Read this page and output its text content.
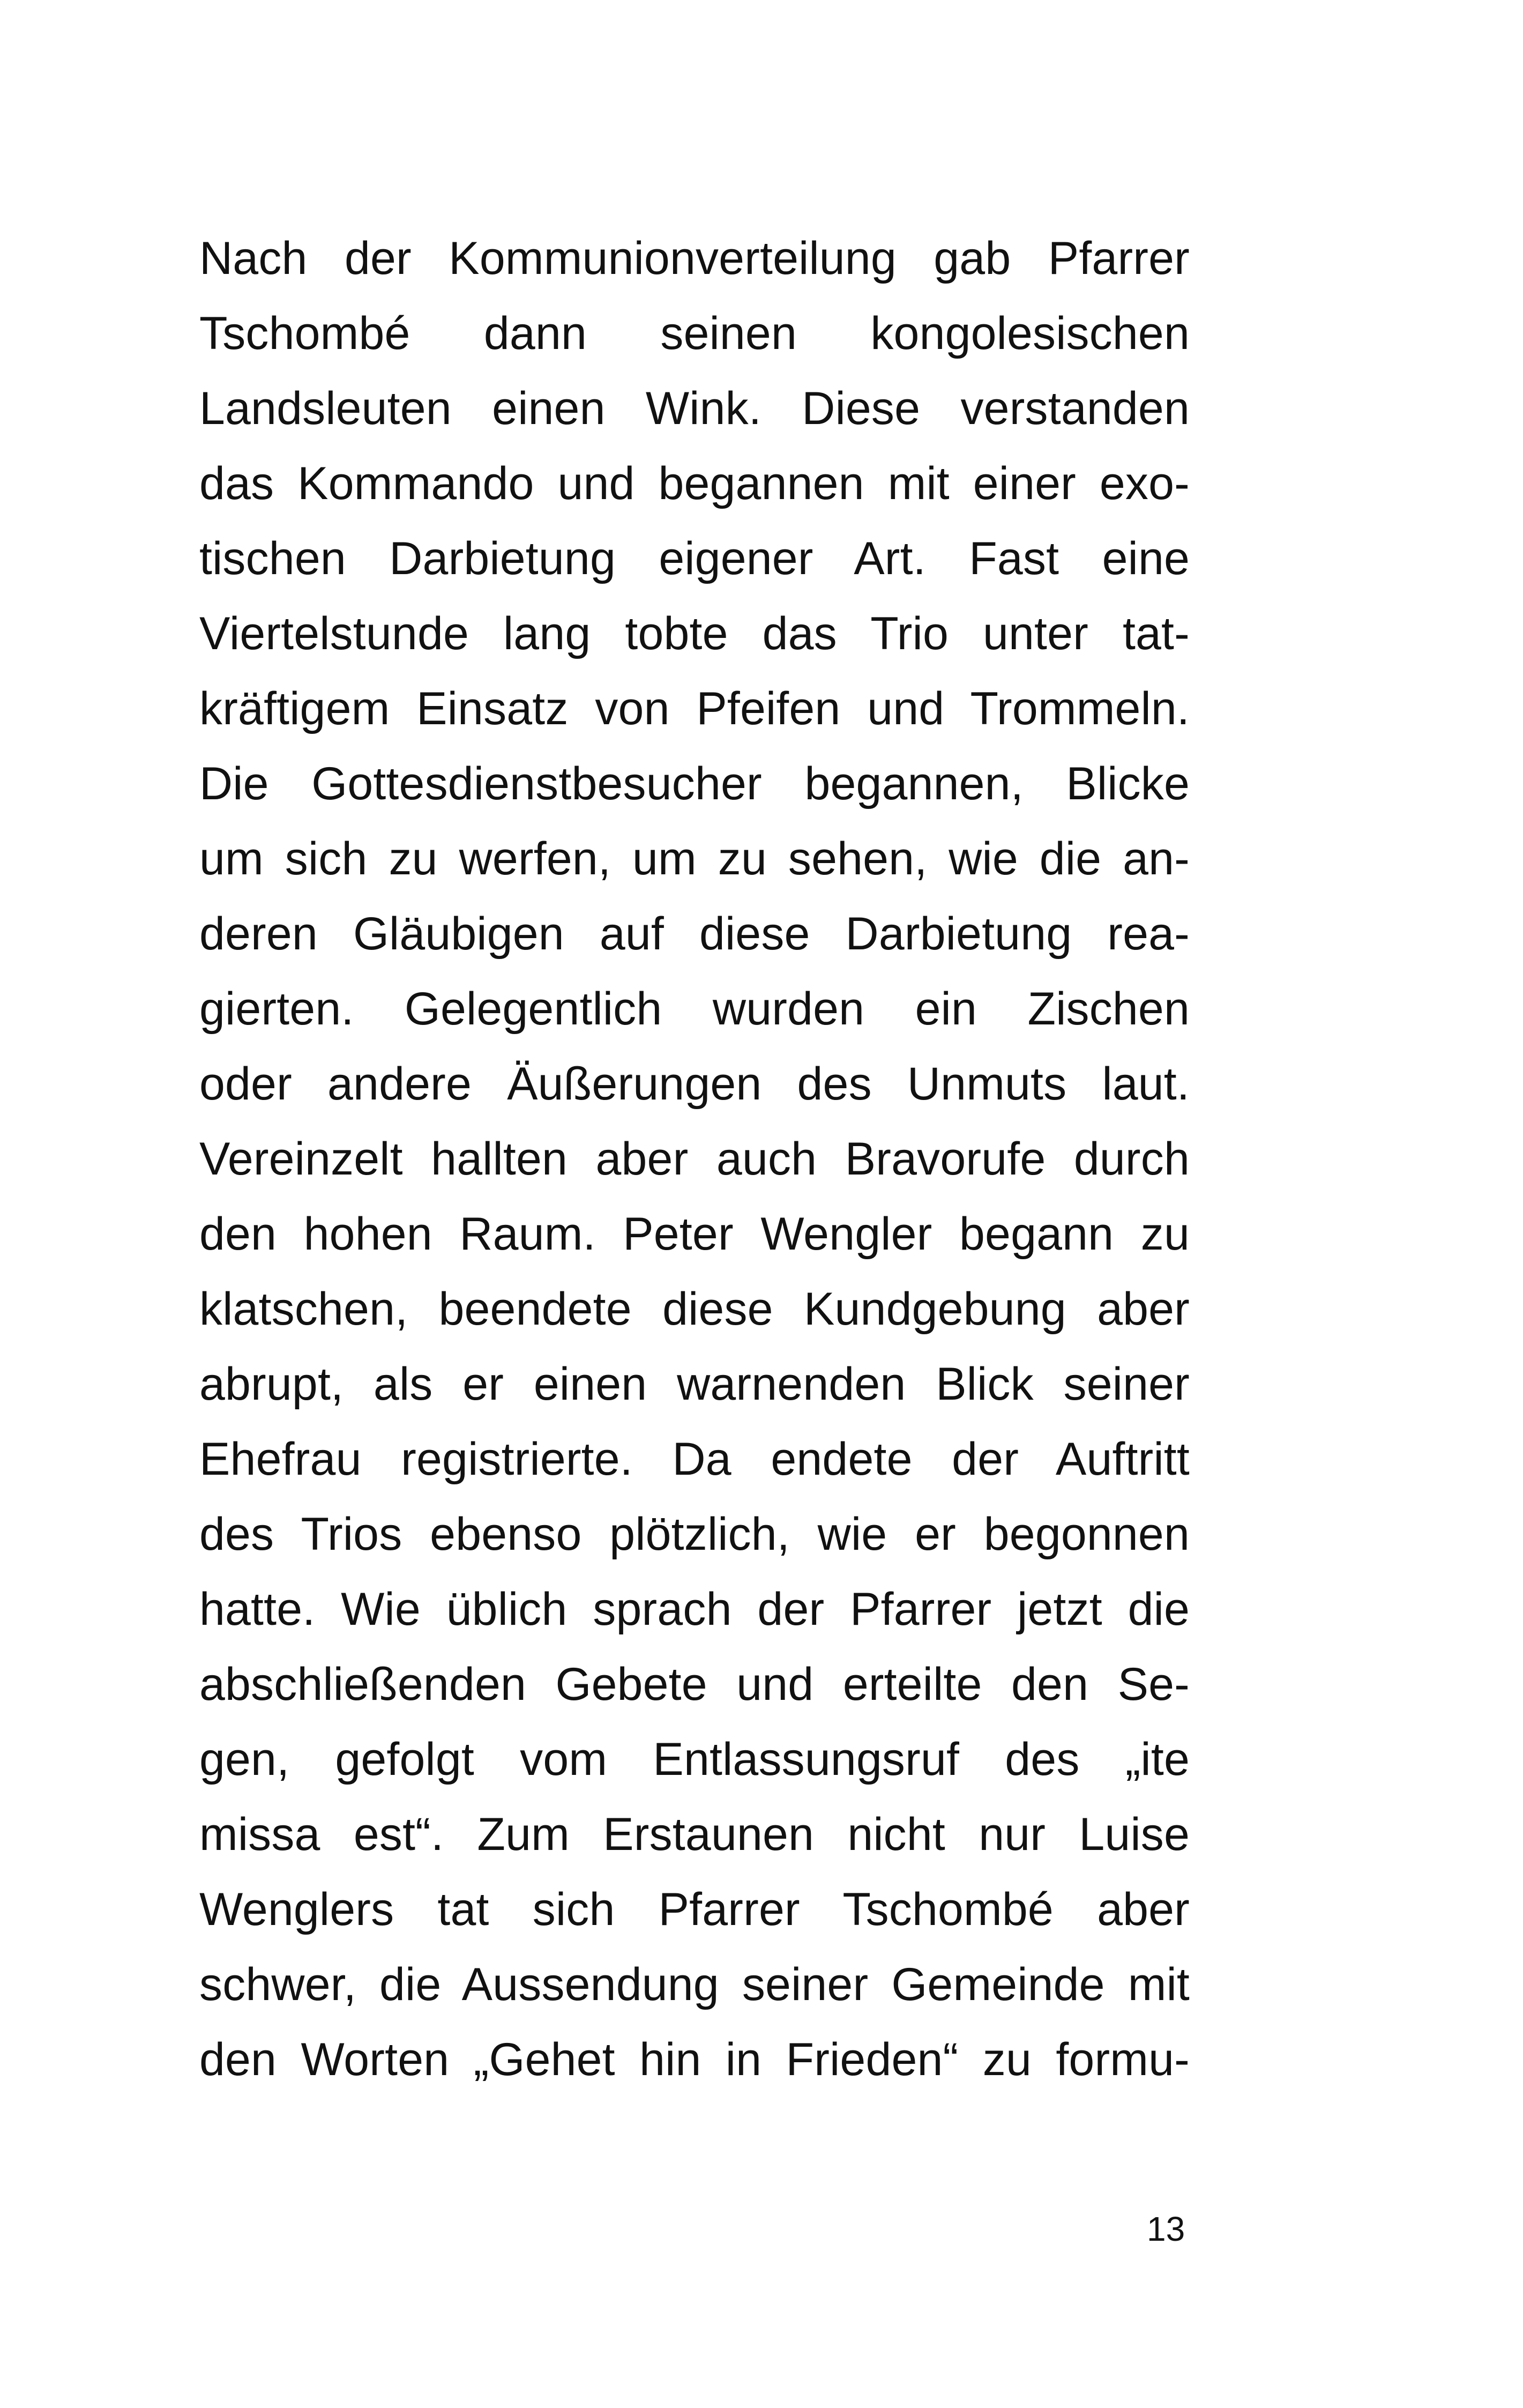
Nach der Kommunionverteilung gab Pfarrer
Tschombé dann seinen kongolesischen
Landsleuten einen Wink. Diese verstanden
das Kommando und begannen mit einer exo-
tischen Darbietung eigener Art. Fast eine
Viertelstunde lang tobte das Trio unter tat-
kräftigem Einsatz von Pfeifen und Trommeln.
Die Gottesdienstbesucher begannen, Blicke
um sich zu werfen, um zu sehen, wie die an-
deren Gläubigen auf diese Darbietung rea-
gierten. Gelegentlich wurden ein Zischen
oder andere Äußerungen des Unmuts laut.
Vereinzelt hallten aber auch Bravorufe durch
den hohen Raum. Peter Wengler begann zu
klatschen, beendete diese Kundgebung aber
abrupt, als er einen warnenden Blick seiner
Ehefrau registrierte. Da endete der Auftritt
des Trios ebenso plötzlich, wie er begonnen
hatte. Wie üblich sprach der Pfarrer jetzt die
abschließenden Gebete und erteilte den Se-
gen, gefolgt vom Entlassungsruf des „ite
missa est“. Zum Erstaunen nicht nur Luise
Wenglers tat sich Pfarrer Tschombé aber
schwer, die Aussendung seiner Gemeinde mit
den Worten „Gehet hin in Frieden“ zu formu-

13
